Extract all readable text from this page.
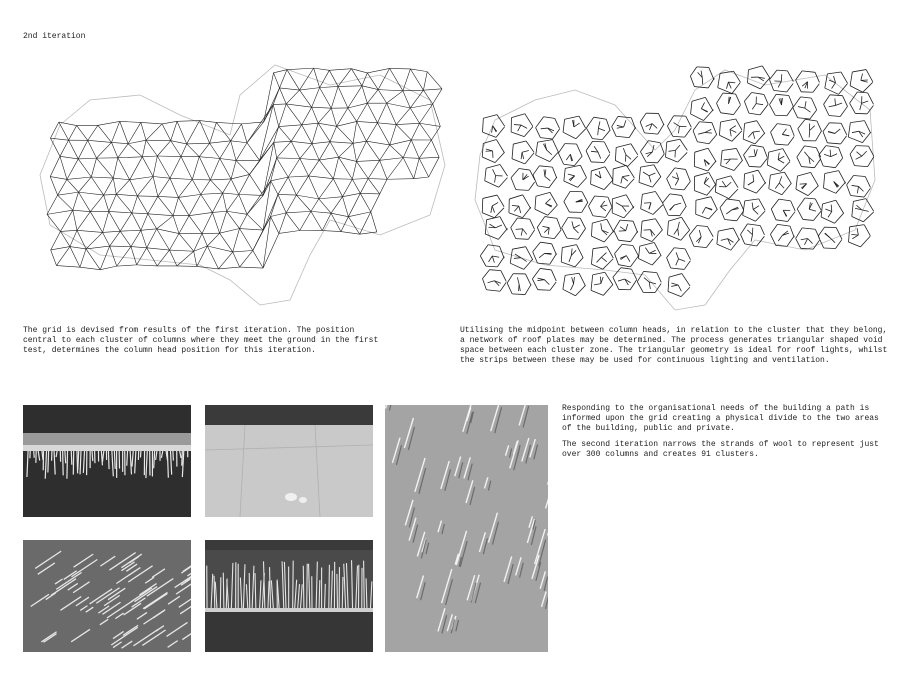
2nd iteration
The grid is devised from results of the first iteration. The position
central to each cluster of columns where they meet the ground in the first
test, determines the column head position for this iteration.
Utilising the midpoint between column heads, in relation to the cluster that they belong,
a network of roof plates may be determined. The process generates triangular shaped void
space between each cluster zone. The triangular geometry is ideal for roof lights, whilst
the strips between these may be used for continuous lighting and ventilation.
Responding to the organisational needs of the building a path is
informed upon the grid creating a physical divide to the two areas
of the building, public and private.
The second iteration narrows the strands of wool to represent just
over 300 columns and creates 91 clusters.
